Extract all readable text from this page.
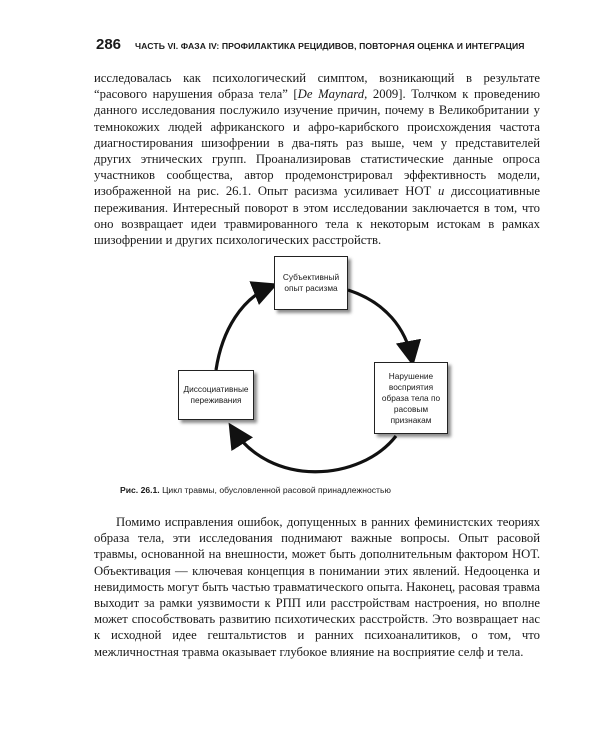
286 ЧАСТЬ VI. ФАЗА IV: ПРОФИЛАКТИКА РЕЦИДИВОВ, ПОВТОРНАЯ ОЦЕНКА И ИНТЕГРАЦИЯ

исследовалась как психологический симптом, возникающий в результате “расового нарушения образа тела” [De Maynard, 2009]. Толчком к проведению данного исследования послужило изучение причин, почему в Великобритании у темнокожих людей африканского и афро-карибского происхождения частота диагностирования шизофрении в два-пять раз выше, чем у представителей других этнических групп. Проанализировав статистические данные опроса участников сообщества, автор продемонстрировал эффективность модели, изображенной на рис. 26.1. Опыт расизма усиливает НОТ и диссоциативные переживания. Интересный поворот в этом исследовании заключается в том, что оно возвращает идеи травмированного тела к некоторым истокам в рамках шизофрении и других психологических расстройств.

Субъективный опыт расизма
Нарушение восприятия образа тела по расовым признакам
Диссоциативные переживания
Рис. 26.1. Цикл травмы, обусловленной расовой принадлежностью

Помимо исправления ошибок, допущенных в ранних феминистских теориях образа тела, эти исследования поднимают важные вопросы. Опыт расовой травмы, основанной на внешности, может быть дополнительным фактором НОТ. Объективация — ключевая концепция в понимании этих явлений. Недооценка и невидимость могут быть частью травматического опыта. Наконец, расовая травма выходит за рамки уязвимости к РПП или расстройствам настроения, но вполне может способствовать развитию психотических расстройств. Это возвращает нас к исходной идее гештальтистов и ранних психоаналитиков, о том, что межличностная травма оказывает глубокое влияние на восприятие селф и тела.
